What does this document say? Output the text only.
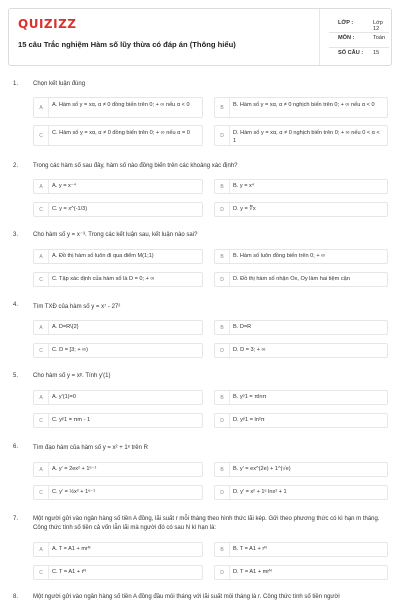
QUIZIZZ
15 câu Trắc nghiệm Hàm số lũy thừa có đáp án (Thông hiểu)
LỚP :	Lớp 12
MÔN :	Toán
SỐ CÂU : 15
1. Chọn kết luận đúng
A	A. Hàm số y = xα, α ≠ 0 đồng biến trên 0; + ∞ nếu α < 0	B	B. Hàm số y = xα, α ≠ 0 nghịch biến trên 0; + ∞ nếu α < 0
C	C. Hàm số y = xα, α ≠ 0 đồng biến trên 0; + ∞ nếu α = 0	D	D. Hàm số y = xα, α ≠ 0 nghịch biến trên 0; + ∞ nếu 0 < α < 1
2. Trong các hàm số sau đây, hàm số nào đồng biến trên các khoảng xác định?
A	A. y = x⁻⁴	B	B. y = x⁴
C	C. y = x^(-1/3)	D	D. y = ∛x
3. Cho hàm số y = x⁻³. Trong các kết luận sau, kết luận nào sai?
A	A. Đồ thị hàm số luôn đi qua điểm M(1;1)	B	B. Hàm số luôn đồng biến trên 0; + ∞
C	C. Tập xác định của hàm số là D = 0; + ∞	D	D. Đồ thị hàm số nhận Ox, Oy làm hai tiệm cận
4. Tìm TXĐ của hàm số y = x⁷ - 27²
A	A. D=R\{2}	B	B. D=R
C	C. D = [3; + ∞)	D	D. D = 3; + ∞
5. Cho hàm số y = xᵖ. Tính y'(1)
A	A. y'(1)=0	B	B. yᵖ1 = πlnπ
C	C. yᵖ1 = πm - 1	D	D. yᵖ1 = ln²π
6. Tìm đạo hàm của hàm số y = x² + 1ᵉ trên R
A	A. y' = 2ex² + 1ᵉ⁻¹	B	B. y' = ex^(2e) + 1^(√e)
C	C. y' = ½x² + 1ᵉ⁻¹	D	D. y' = x² + 1ᵉ lnx² + 1
7. Một người gửi vào ngân hàng số tiền A đồng, lãi suất r mỗi tháng theo hình thức lãi kép. Gửi theo phương thức có kì hạn m tháng. Công thức tính số tiền cả vốn lẫn lãi mà người đó có sau N kì hạn là:
A	A. T = A1 + mrᴺ	B	B. T = A1 + rᴺ
C	C. T = A1 + rᴺ	D	D. T = A1 + mrᴺ
8. Một người gửi vào ngân hàng số tiền A đồng đầu mỗi tháng với lãi suất mỗi tháng là r. Công thức tính số tiền người
